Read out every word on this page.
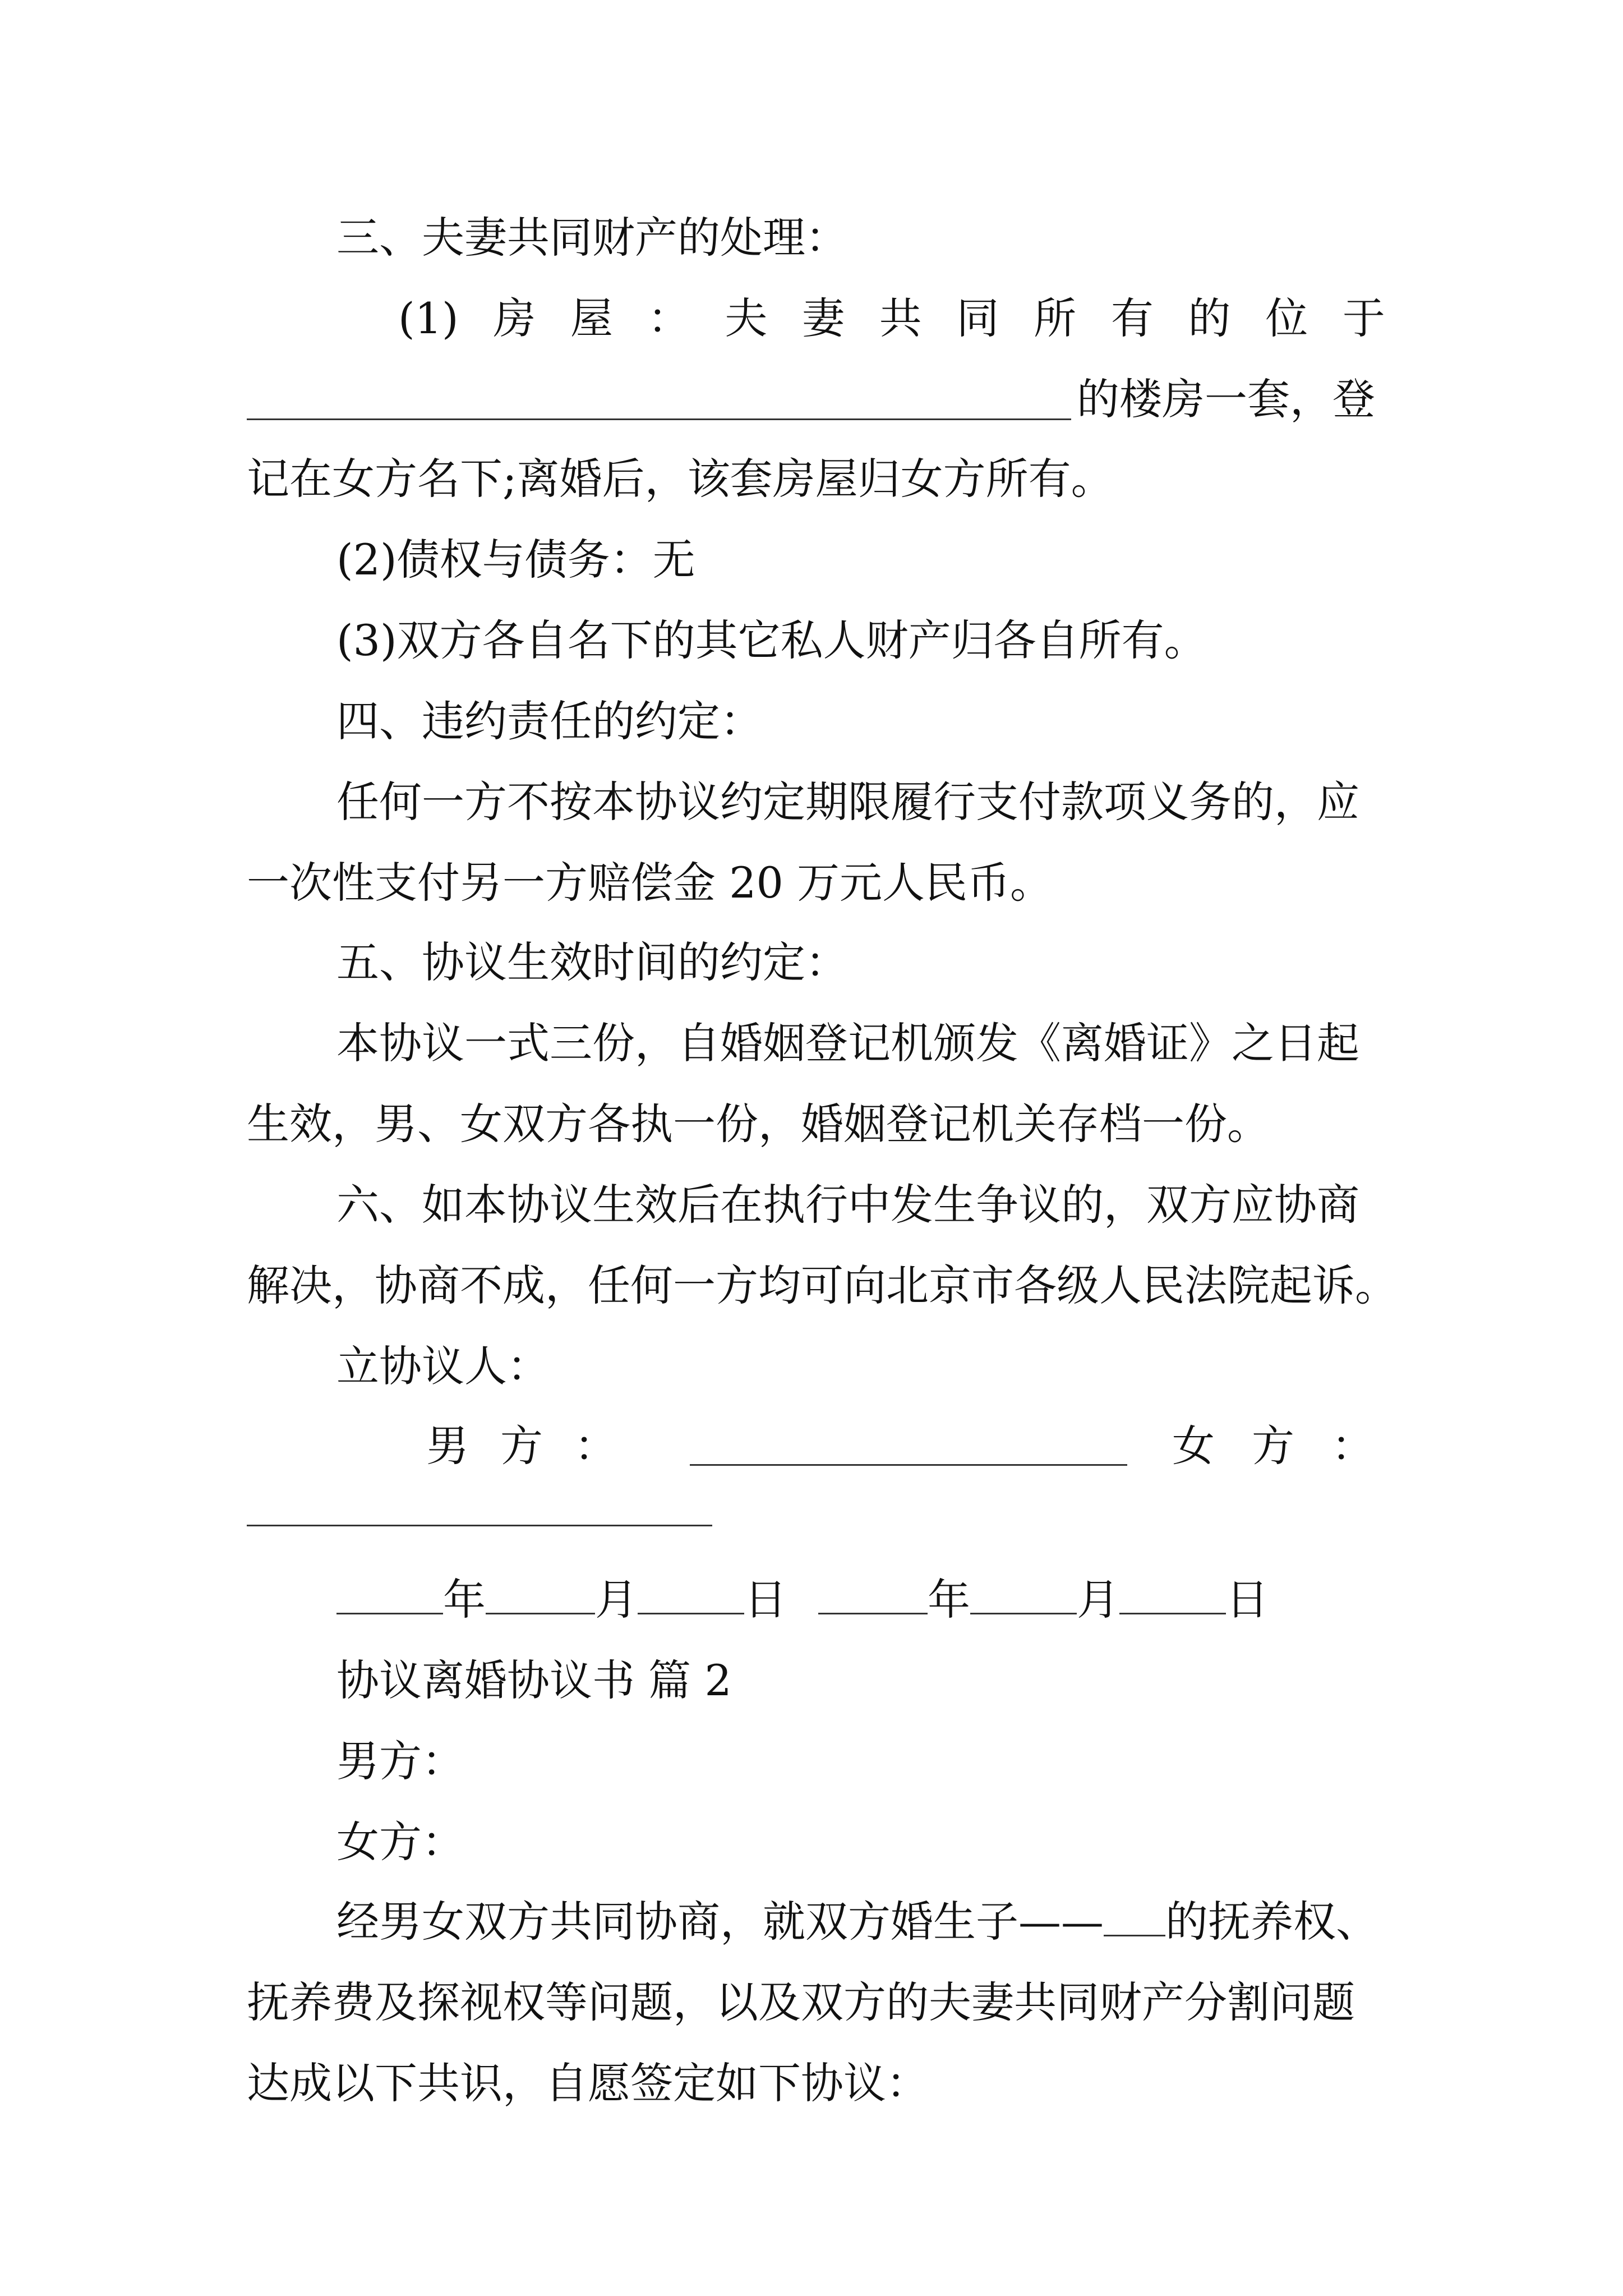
三、夫妻共同财产的处理：
(1) 房 屋 ： 夫 妻 共 同 所 有 的 位 于
的楼房一套，登
记在女方名下;离婚后，该套房屋归女方所有。
(2)债权与债务：无
(3)双方各自名下的其它私人财产归各自所有。
四、违约责任的约定：
任何一方不按本协议约定期限履行支付款项义务的，应
一次性支付另一方赔偿金 20 万元人民币。
五、协议生效时间的约定：
本协议一式三份，自婚姻登记机颁发《离婚证》之日起
生效，男、女双方各执一份，婚姻登记机关存档一份。
六、如本协议生效后在执行中发生争议的，双方应协商
解决，协商不成，任何一方均可向北京市各级人民法院起诉。
立协议人：
男 方 ：	女 方 ：
年	月	日	年	月	日
协议离婚协议书 篇 2
男方：
女方：
经男女双方共同协商，就双方婚生子—— 的抚养权、
抚养费及探视权等问题，以及双方的夫妻共同财产分割问题
达成以下共识，自愿签定如下协议：
